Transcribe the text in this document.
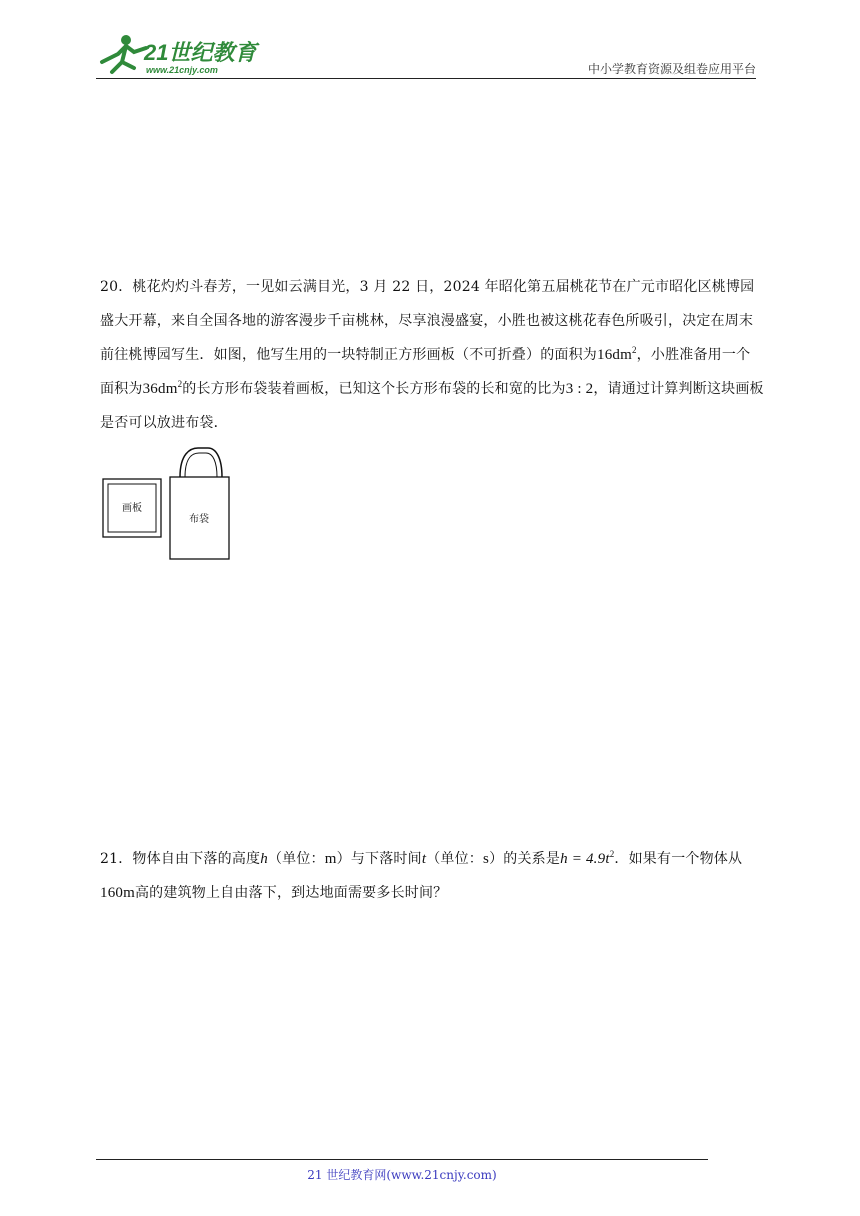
21世纪教育
www.21cnjy.com	中小学教育资源及组卷应用平台
20．桃花灼灼斗春芳，一见如云满目光，3 月 22 日，2024 年昭化第五届桃花节在广元市昭化区桃博园盛大开幕，来自全国各地的游客漫步千亩桃林，尽享浪漫盛宴，小胜也被这桃花春色所吸引，决定在周末前往桃博园写生．如图，他写生用的一块特制正方形画板（不可折叠）的面积为$16dm^2$，小胜准备用一个面积为$36dm^2$的长方形布袋装着画板，已知这个长方形布袋的长和宽的比为3 : 2，请通过计算判断这块画板是否可以放进布袋．
画板
布袋
21．物体自由下落的高度h（单位：m）与下落时间t（单位：s）的关系是$h = 4.9t^2$．如果有一个物体从160m高的建筑物上自由落下，到达地面需要多长时间？
21 世纪教育网(www.21cnjy.com)
